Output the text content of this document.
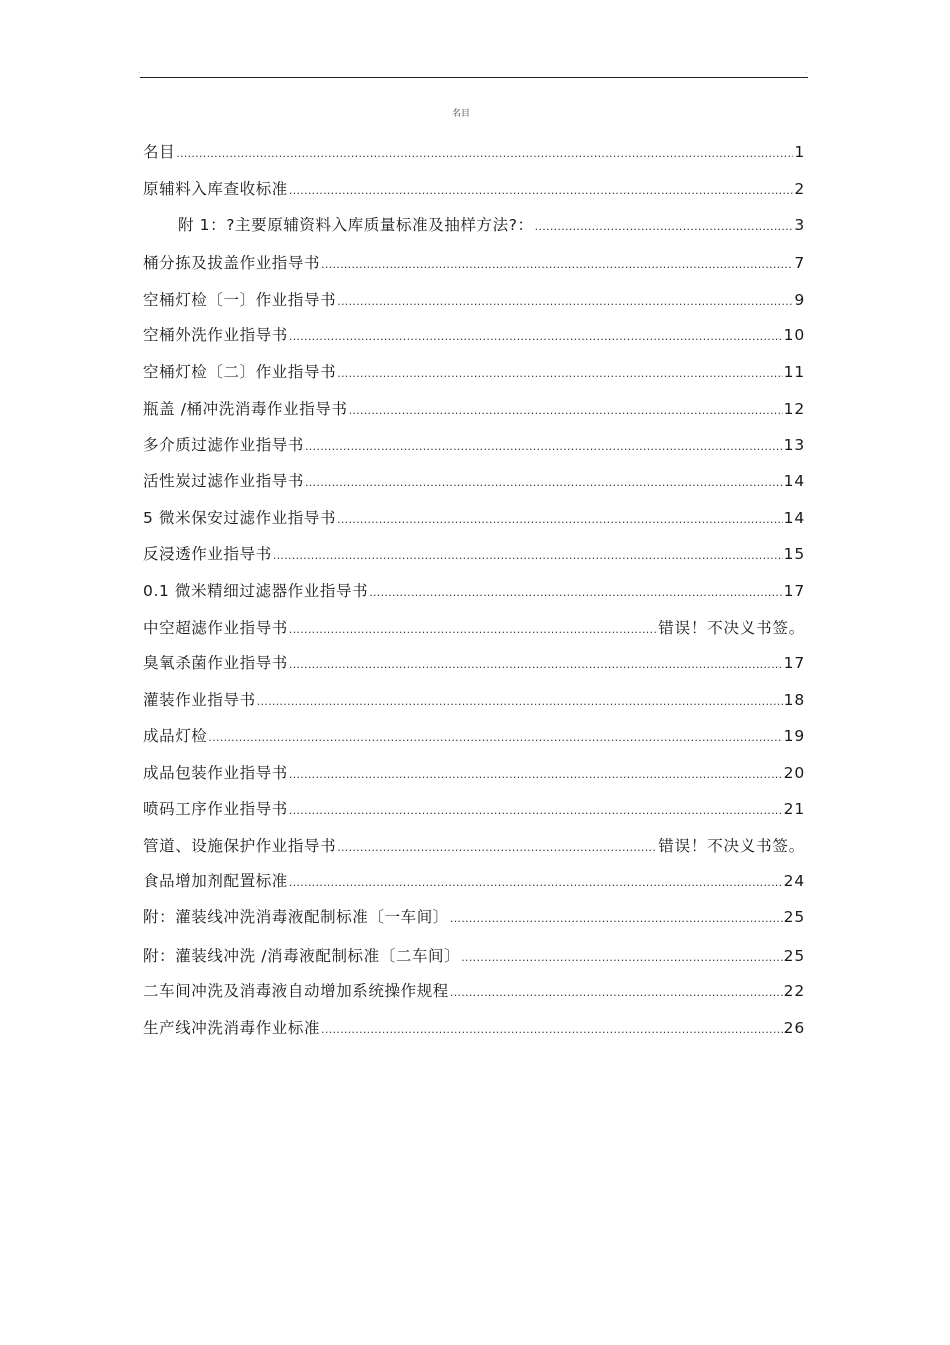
-	-
名目
名目 .....	1
原辅料入库查收标准 .....	2
附 1：?主要原辅资料入库质量标准及抽样方法?： .....	3
桶分拣及拔盖作业指导书 .....	7
空桶灯检〔一〕作业指导书 .....	9
空桶外洗作业指导书 .....	10
空桶灯检〔二〕作业指导书 .....	11
瓶盖 /桶冲洗消毒作业指导书 .....	12
多介质过滤作业指导书 .....	13
活性炭过滤作业指导书 .....	14
5 微米保安过滤作业指导书 .....	14
反浸透作业指导书 .....	15
0.1 微米精细过滤器作业指导书 .....	17
中空超滤作业指导书 .....	错误！不决义书签。
臭氧杀菌作业指导书 .....	17
灌装作业指导书 .....	18
成品灯检 .....	19
成品包装作业指导书 .....	20
喷码工序作业指导书 .....	21
管道、设施保护作业指导书 .....	错误！不决义书签。
食品增加剂配置标准 .....	24
附：灌装线冲洗消毒液配制标准〔一车间〕 .....	25
附：灌装线冲洗 /消毒液配制标准〔二车间〕 .....	25
二车间冲洗及消毒液自动增加系统操作规程 .....	22
生产线冲洗消毒作业标准 .....	26
